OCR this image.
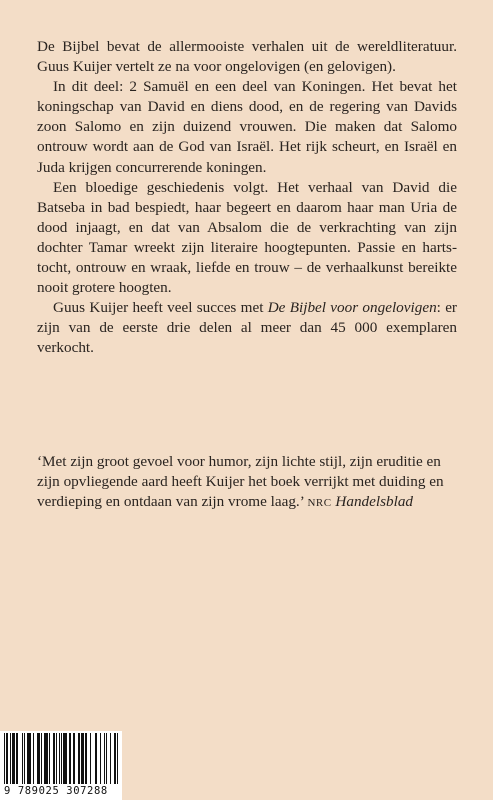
De Bijbel bevat de allermooiste verhalen uit de wereldliteratuur. Guus Kuijer vertelt ze na voor ongelovigen (en gelovigen).

In dit deel: 2 Samuël en een deel van Koningen. Het bevat het koningschap van David en diens dood, en de regering van Davids zoon Salomo en zijn duizend vrouwen. Die maken dat Salomo ontrouw wordt aan de God van Israël. Het rijk scheurt, en Israël en Juda krijgen concurrerende koningen.

Een bloedige geschiedenis volgt. Het verhaal van David die Batseba in bad bespiedt, haar begeert en daarom haar man Uria de dood injaagt, en dat van Absalom die de verkrachting van zijn dochter Tamar wreekt zijn literaire hoogtepunten. Passie en hartstocht, ontrouw en wraak, liefde en trouw – de verhaalkunst bereikte nooit grotere hoogten.

Guus Kuijer heeft veel succes met De Bijbel voor ongelovigen: er zijn van de eerste drie delen al meer dan 45 000 exemplaren verkocht.

‘Met zijn groot gevoel voor humor, zijn lichte stijl, zijn eruditie en zijn opvliegende aard heeft Kuijer het boek verrijkt met duiding en verdieping en ontdaan van zijn vrome laag.’ NRC Handelsblad
9 789025 307288
